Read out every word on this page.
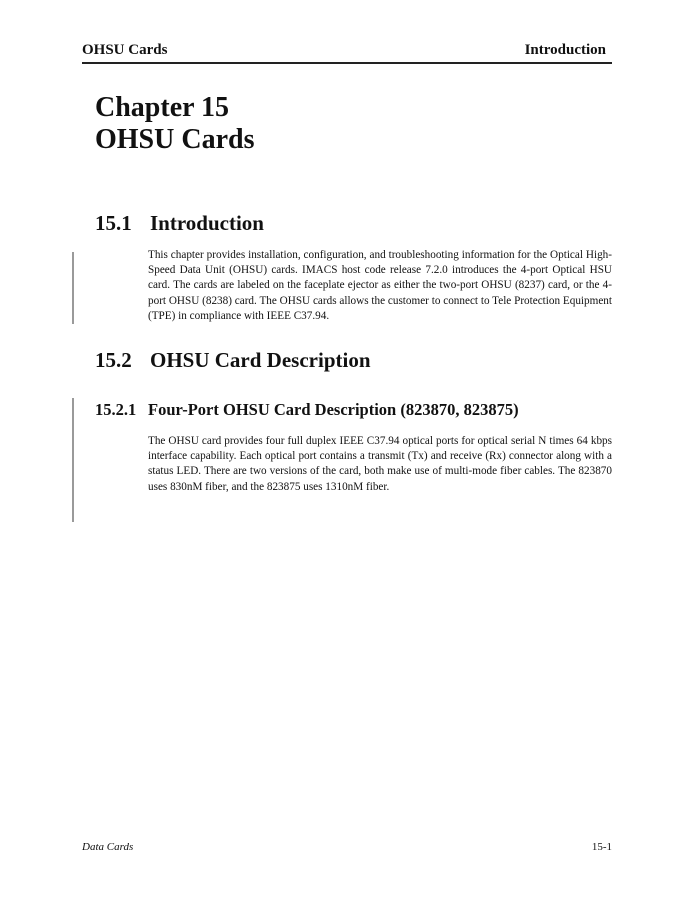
OHSU Cards	Introduction
Chapter 15
OHSU Cards
15.1 Introduction

This chapter provides installation, configuration, and troubleshooting information for the Optical High-Speed Data Unit (OHSU) cards. IMACS host code release 7.2.0 introduces the 4-port Optical HSU card. The cards are labeled on the faceplate ejector as either the two-port OHSU (8237) card, or the 4-port OHSU (8238) card. The OHSU cards allows the customer to connect to Tele Protection Equipment (TPE) in compliance with IEEE C37.94.

15.2 OHSU Card Description
15.2.1 Four-Port OHSU Card Description (823870, 823875)

The OHSU card provides four full duplex IEEE C37.94 optical ports for optical serial N times 64 kbps interface capability. Each optical port contains a transmit (Tx) and receive (Rx) connector along with a status LED. There are two versions of the card, both make use of multi-mode fiber cables. The 823870 uses 830nM fiber, and the 823875 uses 1310nM fiber.

Data Cards	15-1
